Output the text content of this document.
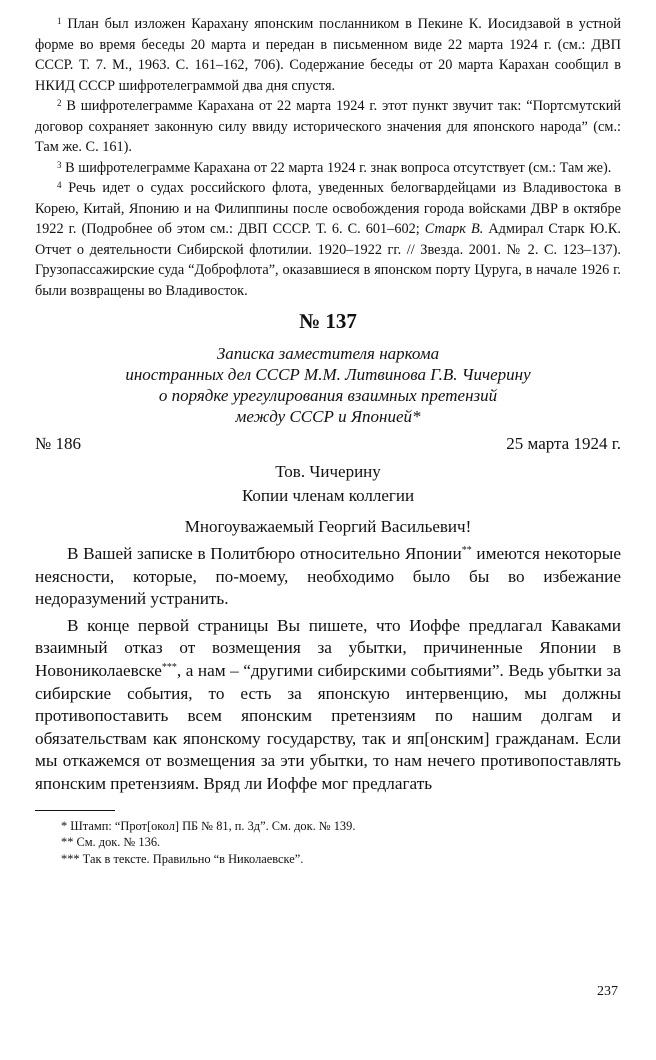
$^1$ План был изложен Карахану японским посланником в Пекине К. Иосидзавой в устной форме во время беседы 20 марта и передан в письменном виде 22 марта 1924 г. (см.: ДВП СССР. Т. 7. М., 1963. С. 161–162, 706). Содержание беседы от 20 марта Карахан сообщил в НКИД СССР шифротелеграммой два дня спустя.

$^2$ В шифротелеграмме Карахана от 22 марта 1924 г. этот пункт звучит так: “Портсмутский договор сохраняет законную силу ввиду исторического значения для японского народа” (см.: Там же. С. 161).

$^3$ В шифротелеграмме Карахана от 22 марта 1924 г. знак вопроса отсутствует (см.: Там же).

$^4$ Речь идет о судах российского флота, уведенных белогвардейцами из Владивостока в Корею, Китай, Японию и на Филиппины после освобождения города войсками ДВР в октябре 1922 г. (Подробнее об этом см.: ДВП СССР. Т. 6. С. 601–602; Старк В. Адмирал Старк Ю.К. Отчет о деятельности Сибирской флотилии. 1920–1922 гг. // Звезда. 2001. № 2. С. 123–137). Грузопассажирские суда “Доброфлота”, оказавшиеся в японском порту Цуруга, в начале 1926 г. были возвращены во Владивосток.

№ 137
Записка заместителя наркома
иностранных дел СССР М.М. Литвинова Г.В. Чичерину
о порядке урегулирования взаимных претензий
между СССР и Японией*
№ 186	25 марта 1924 г.
Тов. Чичерину
Копии членам коллегии
Многоуважаемый Георгий Васильевич!

В Вашей записке в Политбюро относительно Японии** имеются некоторые неясности, которые, по-моему, необходимо было бы во избежание недоразумений устранить.

В конце первой страницы Вы пишете, что Иоффе предлагал Каваками взаимный отказ от возмещения за убытки, причиненные Японии в Новониколаевске***, а нам – “другими сибирскими событиями”. Ведь убытки за сибирские события, то есть за японскую интервенцию, мы должны противопоставить всем японским претензиям по нашим долгам и обязательствам как японскому государству, так и яп[онским] гражданам. Если мы откажемся от возмещения за эти убытки, то нам нечего противопоставлять японским претензиям. Вряд ли Иоффе мог предлагать

* Штамп: “Прот[окол] ПБ № 81, п. 3д”. См. док. № 139.

** См. док. № 136.

*** Так в тексте. Правильно “в Николаевске”.

237
